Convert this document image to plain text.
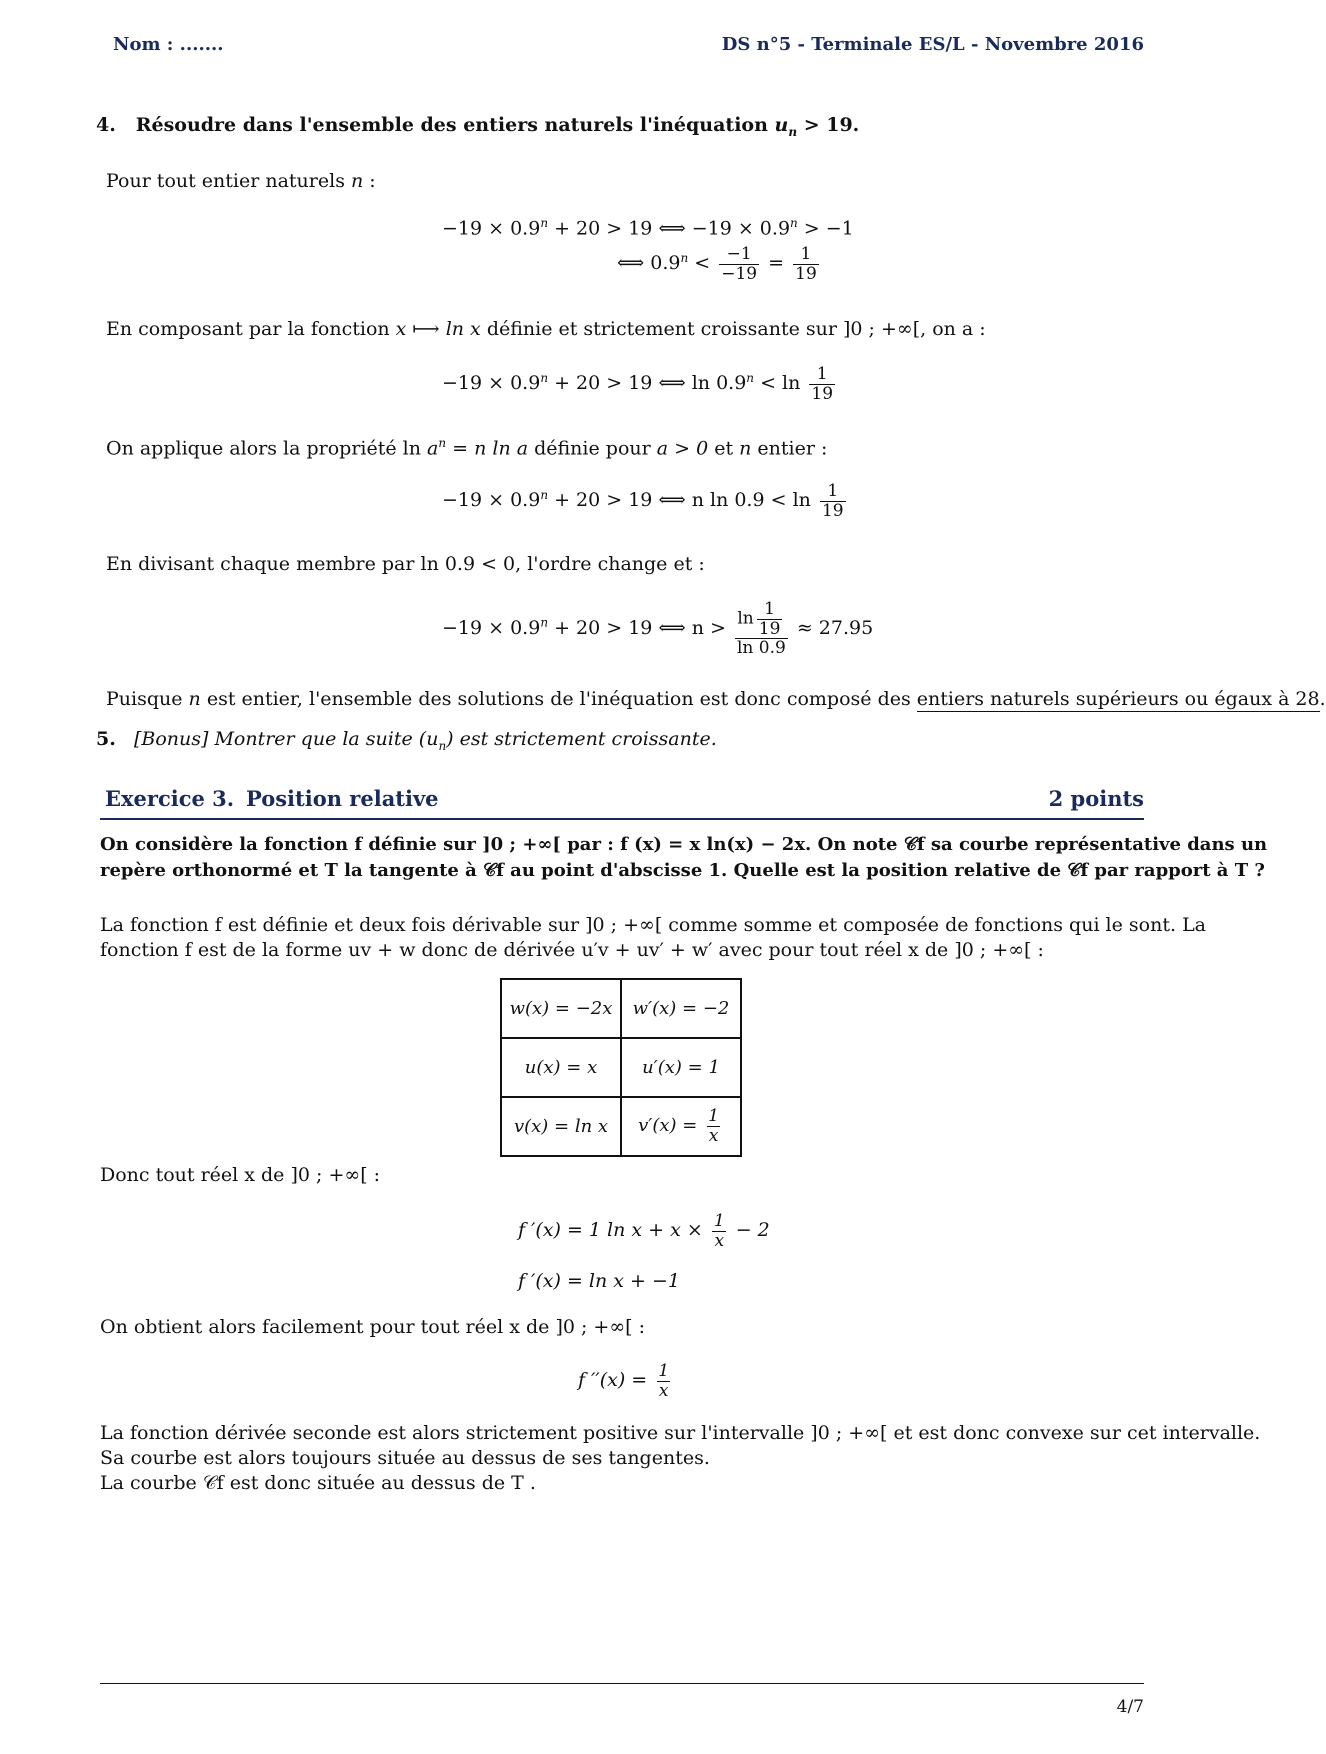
Nom : .......	DS n°5 - Terminale ES/L - Novembre 2016
4. Résoudre dans l'ensemble des entiers naturels l'inéquation $u_n > 19$.
Pour tout entier naturels n :
$-19 \times 0.9^n + 20 > 19$ ⟺ $-19 \times 0.9^n > -1$
⟺ $0.9^n < \frac{-1}{-19} = \frac{1}{19}$
En composant par la fonction x ⟼ ln x définie et strictement croissante sur ]0 ; +∞[, on a :
$-19 \times 0.9^n + 20 > 19$ ⟺ $\ln 0.9^n < \ln \frac{1}{19}$
On applique alors la propriété $\ln a^n = n$ ln a définie pour a > 0 et n entier :
$-19 \times 0.9^n + 20 > 19$ ⟺ n $\ln 0.9 < \ln \frac{1}{19}$
En divisant chaque membre par ln 0.9 < 0, l'ordre change et :
$-19 \times 0.9^n + 20 > 19$ ⟺ $n > \frac{\ln \frac{1}{19}}{\ln 0.9} \approx 27.95$
Puisque n est entier, l'ensemble des solutions de l'inéquation est donc composé des entiers naturels supérieurs ou égaux à 28.
5. [Bonus] Montrer que la suite $(u_n)$ est strictement croissante.
Exercice 3. Position relative	2 points
On considère la fonction f définie sur ]0 ; +∞[ par : f (x) = x ln(x) − 2x. On note 𝒞f sa courbe représentative dans un
repère orthonormé et T la tangente à 𝒞f au point d'abscisse 1. Quelle est la position relative de 𝒞f par rapport à T ?
La fonction f est définie et deux fois dérivable sur ]0 ; +∞[ comme somme et composée de fonctions qui le sont. La
fonction f est de la forme uv + w donc de dérivée u′v + uv′ + w′ avec pour tout réel x de ]0 ; +∞[ :
w(x) = −2x	w′(x) = −2
u(x) = x	u′(x) = 1
v(x) = ln x	$v'(x) = \frac{1}{x}$
Donc tout réel x de ]0 ; +∞[ :
f ′(x) = 1 $\ln x + x \times \frac{1}{x} - 2$
f ′(x) = ln x + −1
On obtient alors facilement pour tout réel x de ]0 ; +∞[ :
f $''(x) = \frac{1}{x}$
La fonction dérivée seconde est alors strictement positive sur l'intervalle ]0 ; +∞[ et est donc convexe sur cet intervalle.
Sa courbe est alors toujours située au dessus de ses tangentes.
La courbe 𝒞f est donc située au dessus de T .
4/7
